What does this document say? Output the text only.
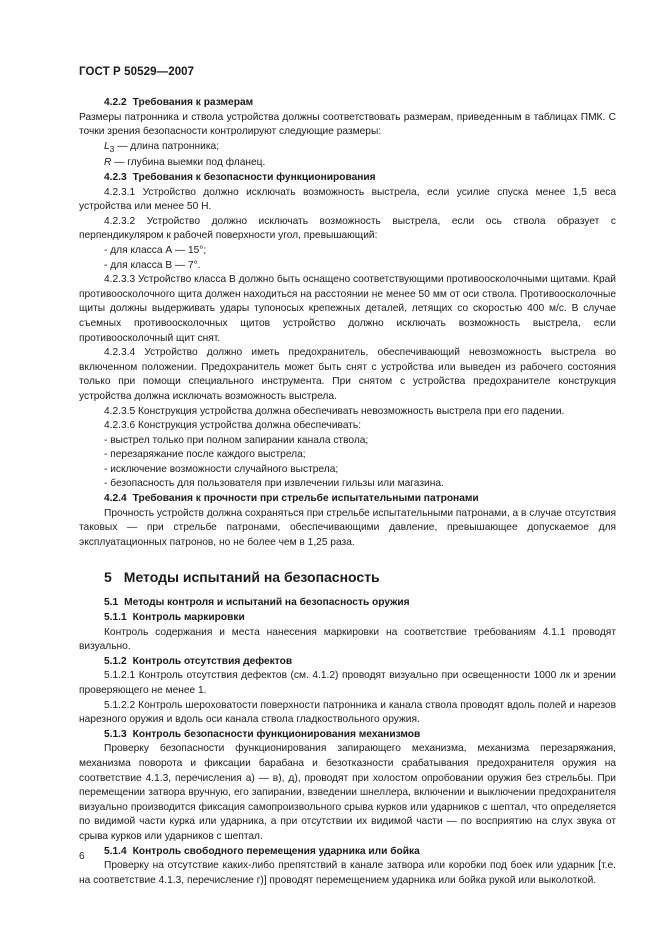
ГОСТ Р 50529—2007

4.2.2 Требования к размерам

Размеры патронника и ствола устройства должны соответствовать размерам, приведенным в таблицах ПМК. С точки зрения безопасности контролируют следующие размеры:

$L_3$ — длина патронника;

R — глубина выемки под фланец.

4.2.3 Требования к безопасности функционирования

4.2.3.1 Устройство должно исключать возможность выстрела, если усилие спуска менее 1,5 веса устройства или менее 50 Н.

4.2.3.2 Устройство должно исключать возможность выстрела, если ось ствола образует с перпендикуляром к рабочей поверхности угол, превышающий:

- для класса А — 15°;

- для класса В — 7°.

4.2.3.3 Устройство класса В должно быть оснащено соответствующими противоосколочными щитами. Край противоосколочного щита должен находиться на расстоянии не менее 50 мм от оси ствола. Противоосколочные щиты должны выдерживать удары тупоносых крепежных деталей, летящих со скоростью 400 м/с. В случае съемных противоосколочных щитов устройство должно исключать возможность выстрела, если противоосколочный щит снят.

4.2.3.4 Устройство должно иметь предохранитель, обеспечивающий невозможность выстрела во включенном положении. Предохранитель может быть снят с устройства или выведен из рабочего состояния только при помощи специального инструмента. При снятом с устройства предохранителе конструкция устройства должна исключать возможность выстрела.

4.2.3.5 Конструкция устройства должна обеспечивать невозможность выстрела при его падении.

4.2.3.6 Конструкция устройства должна обеспечивать:

- выстрел только при полном запирании канала ствола;

- перезаряжание после каждого выстрела;

- исключение возможности случайного выстрела;

- безопасность для пользователя при извлечении гильзы или магазина.

4.2.4 Требования к прочности при стрельбе испытательными патронами

Прочность устройств должна сохраняться при стрельбе испытательными патронами, а в случае отсутствия таковых — при стрельбе патронами, обеспечивающими давление, превышающее допускаемое для эксплуатационных патронов, но не более чем в 1,25 раза.

5 Методы испытаний на безопасность

5.1 Методы контроля и испытаний на безопасность оружия

5.1.1 Контроль маркировки

Контроль содержания и места нанесения маркировки на соответствие требованиям 4.1.1 проводят визуально.

5.1.2 Контроль отсутствия дефектов

5.1.2.1 Контроль отсутствия дефектов (см. 4.1.2) проводят визуально при освещенности 1000 лк и зрении проверяющего не менее 1.

5.1.2.2 Контроль шероховатости поверхности патронника и канала ствола проводят вдоль полей и нарезов нарезного оружия и вдоль оси канала ствола гладкоствольного оружия.

5.1.3 Контроль безопасности функционирования механизмов

Проверку безопасности функционирования запирающего механизма, механизма перезаряжания, механизма поворота и фиксации барабана и безотказности срабатывания предохранителя оружия на соответствие 4.1.3, перечисления а) — в), д), проводят при холостом опробовании оружия без стрельбы. При перемещении затвора вручную, его запирании, взведении шнеллера, включении и выключении предохранителя визуально производится фиксация самопроизвольного срыва курков или ударников с шептал, что определяется по видимой части курка или ударника, а при отсутствии их видимой части — по восприятию на слух звука от срыва курков или ударников с шептал.

5.1.4 Контроль свободного перемещения ударника или бойка

Проверку на отсутствие каких-либо препятствий в канале затвора или коробки под боек или ударник [т.е. на соответствие 4.1.3, перечисление г)] проводят перемещением ударника или бойка рукой или выколоткой.

6
